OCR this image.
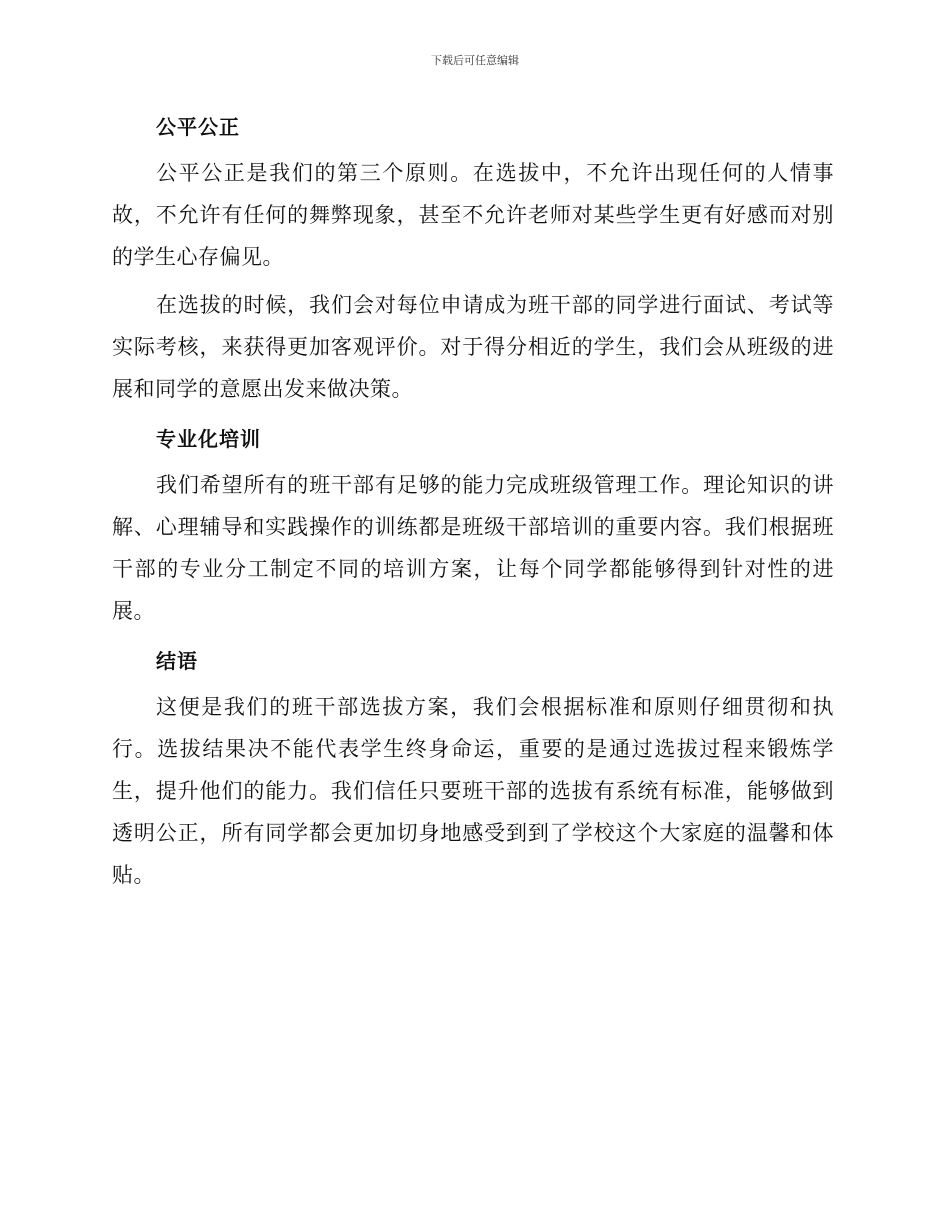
下载后可任意编辑
公平公正

公平公正是我们的第三个原则。在选拔中，不允许出现任何的人情事故，不允许有任何的舞弊现象，甚至不允许老师对某些学生更有好感而对别的学生心存偏见。

在选拔的时候，我们会对每位申请成为班干部的同学进行面试、考试等实际考核，来获得更加客观评价。对于得分相近的学生，我们会从班级的进展和同学的意愿出发来做决策。

专业化培训

我们希望所有的班干部有足够的能力完成班级管理工作。理论知识的讲解、心理辅导和实践操作的训练都是班级干部培训的重要内容。我们根据班干部的专业分工制定不同的培训方案，让每个同学都能够得到针对性的进展。

结语

这便是我们的班干部选拔方案，我们会根据标准和原则仔细贯彻和执行。选拔结果决不能代表学生终身命运，重要的是通过选拔过程来锻炼学生，提升他们的能力。我们信任只要班干部的选拔有系统有标准，能够做到透明公正，所有同学都会更加切身地感受到到了学校这个大家庭的温馨和体贴。
